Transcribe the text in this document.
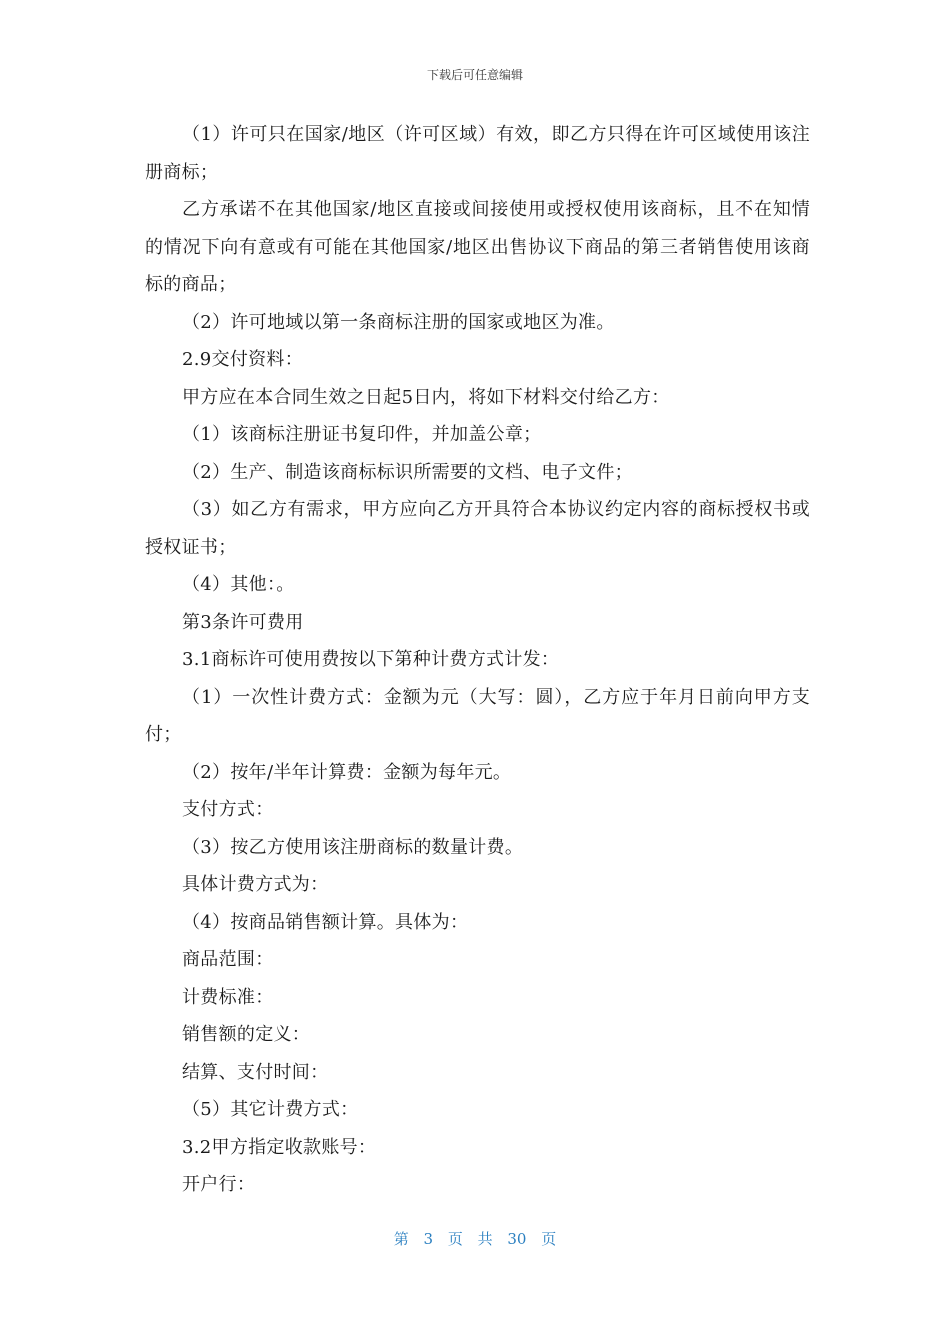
下载后可任意编辑

（1）许可只在国家/地区（许可区域）有效，即乙方只得在许可区域使用该注册商标；

乙方承诺不在其他国家/地区直接或间接使用或授权使用该商标，且不在知情的情况下向有意或有可能在其他国家/地区出售协议下商品的第三者销售使用该商标的商品；

（2）许可地域以第一条商标注册的国家或地区为准。

2.9交付资料：

甲方应在本合同生效之日起5日内，将如下材料交付给乙方：

（1）该商标注册证书复印件，并加盖公章；

（2）生产、制造该商标标识所需要的文档、电子文件；

（3）如乙方有需求，甲方应向乙方开具符合本协议约定内容的商标授权书或授权证书；

（4）其他：。

第3条许可费用

3.1商标许可使用费按以下第种计费方式计发：

（1）一次性计费方式：金额为元（大写：圆），乙方应于年月日前向甲方支付；

（2）按年/半年计算费：金额为每年元。

支付方式：

（3）按乙方使用该注册商标的数量计费。

具体计费方式为：

（4）按商品销售额计算。具体为：

商品范围：

计费标准：

销售额的定义：

结算、支付时间：

（5）其它计费方式：

3.2甲方指定收款账号：

开户行：

第 3 页 共 30 页
